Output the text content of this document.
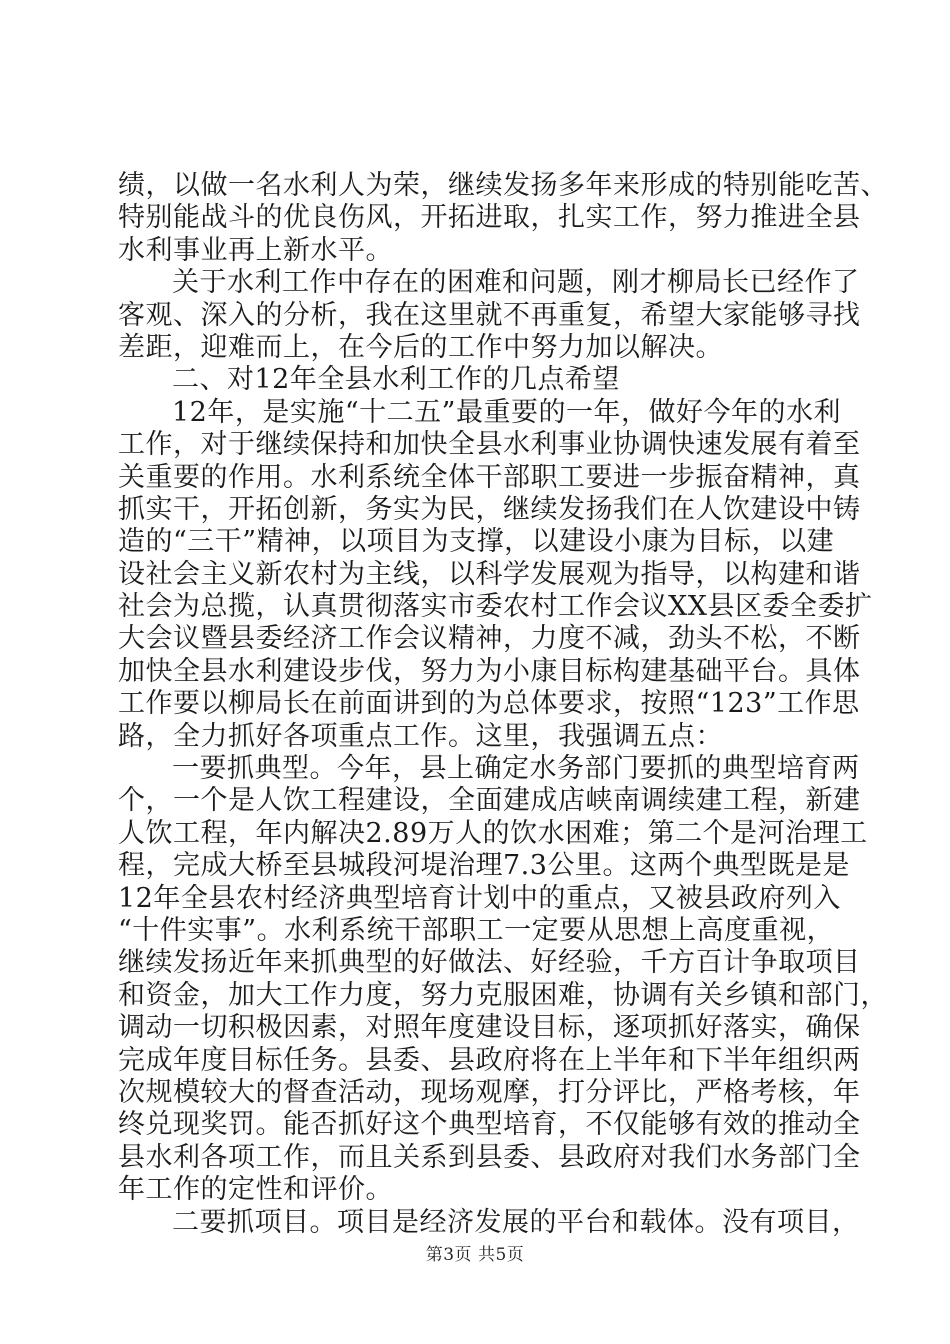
绩，以做一名水利人为荣，继续发扬多年来形成的特别能吃苦、
特别能战斗的优良伤风，开拓进取，扎实工作，努力推进全县
水利事业再上新水平。
关于水利工作中存在的困难和问题，刚才柳局长已经作了
客观、深入的分析，我在这里就不再重复，希望大家能够寻找
差距，迎难而上，在今后的工作中努力加以解决。
二、对12年全县水利工作的几点希望
12年，是实施“十二五”最重要的一年，做好今年的水利
工作，对于继续保持和加快全县水利事业协调快速发展有着至
关重要的作用。水利系统全体干部职工要进一步振奋精神，真
抓实干，开拓创新，务实为民，继续发扬我们在人饮建设中铸
造的“三干”精神，以项目为支撑，以建设小康为目标，以建
设社会主义新农村为主线，以科学发展观为指导，以构建和谐
社会为总揽，认真贯彻落实市委农村工作会议XX县区委全委扩
大会议暨县委经济工作会议精神，力度不减，劲头不松，不断
加快全县水利建设步伐，努力为小康目标构建基础平台。具体
工作要以柳局长在前面讲到的为总体要求，按照“123”工作思
路，全力抓好各项重点工作。这里，我强调五点：
一要抓典型。今年，县上确定水务部门要抓的典型培育两
个，一个是人饮工程建设，全面建成店峡南调续建工程，新建
人饮工程，年内解决2.89万人的饮水困难；第二个是河治理工
程，完成大桥至县城段河堤治理7.3公里。这两个典型既是是
12年全县农村经济典型培育计划中的重点，又被县政府列入
“十件实事”。水利系统干部职工一定要从思想上高度重视，
继续发扬近年来抓典型的好做法、好经验，千方百计争取项目
和资金，加大工作力度，努力克服困难，协调有关乡镇和部门，
调动一切积极因素，对照年度建设目标，逐项抓好落实，确保
完成年度目标任务。县委、县政府将在上半年和下半年组织两
次规模较大的督查活动，现场观摩，打分评比，严格考核，年
终兑现奖罚。能否抓好这个典型培育，不仅能够有效的推动全
县水利各项工作，而且关系到县委、县政府对我们水务部门全
年工作的定性和评价。
二要抓项目。项目是经济发展的平台和载体。没有项目，
第3页 共5页
